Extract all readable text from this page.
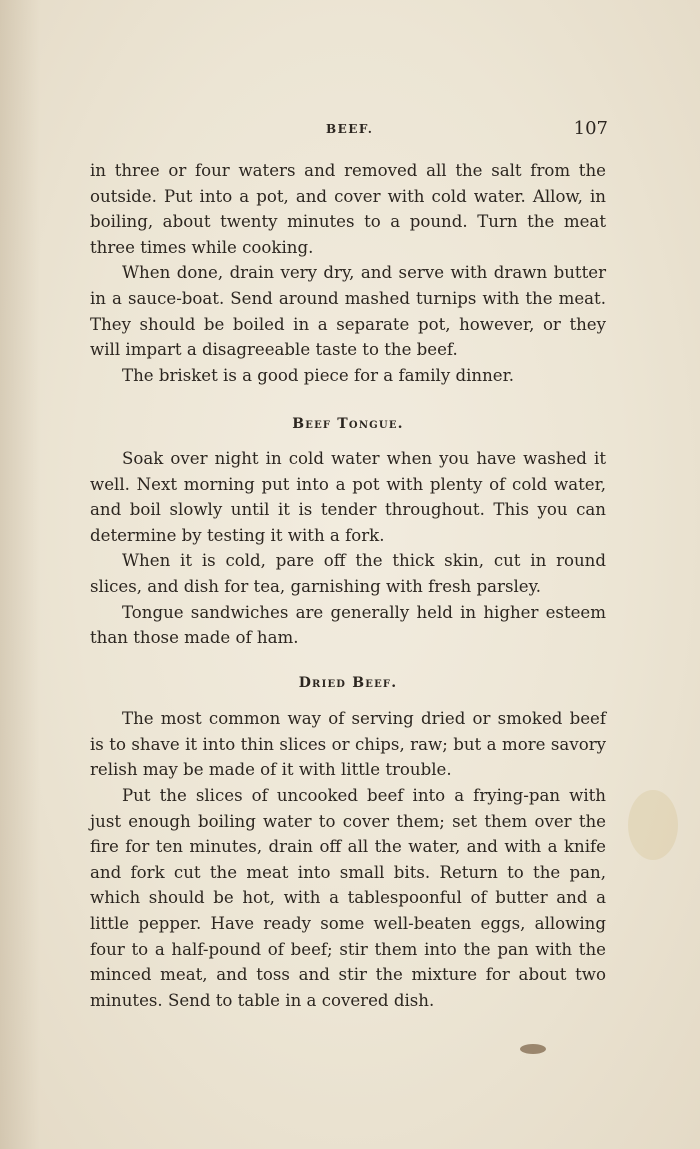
BEEF.	107

in three or four waters and removed all the salt from the outside. Put into a pot, and cover with cold water. Allow, in boiling, about twenty minutes to a pound. Turn the meat three times while cooking.

When done, drain very dry, and serve with drawn butter in a sauce-boat. Send around mashed turnips with the meat. They should be boiled in a separate pot, however, or they will impart a disagreeable taste to the beef.

The brisket is a good piece for a family dinner.

Beef Tongue.

Soak over night in cold water when you have washed it well. Next morning put into a pot with plenty of cold water, and boil slowly until it is tender throughout. This you can determine by testing it with a fork.

When it is cold, pare off the thick skin, cut in round slices, and dish for tea, garnishing with fresh parsley.

Tongue sandwiches are generally held in higher esteem than those made of ham.

Dried Beef.

The most common way of serving dried or smoked beef is to shave it into thin slices or chips, raw; but a more savory relish may be made of it with little trouble.

Put the slices of uncooked beef into a frying-pan with just enough boiling water to cover them; set them over the fire for ten minutes, drain off all the water, and with a knife and fork cut the meat into small bits. Return to the pan, which should be hot, with a tablespoonful of butter and a little pepper. Have ready some well-beaten eggs, allowing four to a half-pound of beef; stir them into the pan with the minced meat, and toss and stir the mixture for about two minutes. Send to table in a covered dish.
